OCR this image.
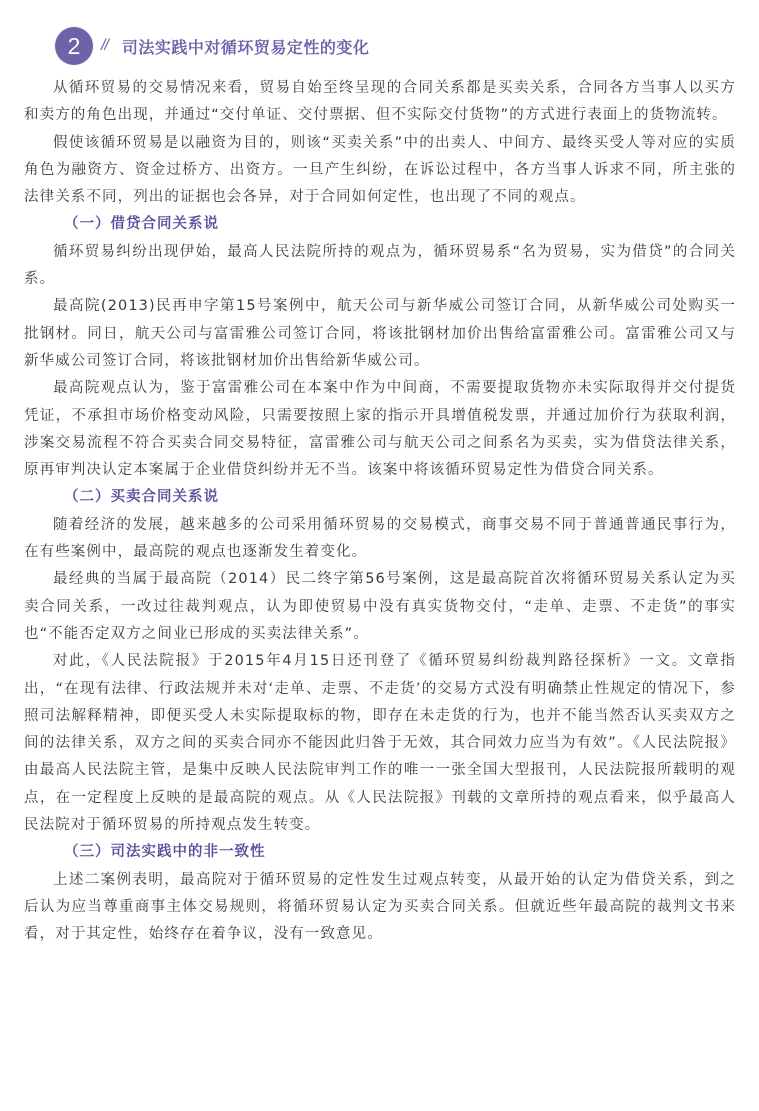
2	// 司法实践中对循环贸易定性的变化

从循环贸易的交易情况来看，贸易自始至终呈现的合同关系都是买卖关系，合同各方当事人以买方和卖方的角色出现，并通过“交付单证、交付票据、但不实际交付货物”的方式进行表面上的货物流转。

假使该循环贸易是以融资为目的，则该“买卖关系”中的出卖人、中间方、最终买受人等对应的实质角色为融资方、资金过桥方、出资方。一旦产生纠纷，在诉讼过程中，各方当事人诉求不同，所主张的法律关系不同，列出的证据也会各异，对于合同如何定性，也出现了不同的观点。

（一）借贷合同关系说

循环贸易纠纷出现伊始，最高人民法院所持的观点为，循环贸易系“名为贸易，实为借贷”的合同关系。

最高院(2013)民再申字第15号案例中，航天公司与新华威公司签订合同，从新华威公司处购买一批钢材。同日，航天公司与富雷雅公司签订合同，将该批钢材加价出售给富雷雅公司。富雷雅公司又与新华威公司签订合同，将该批钢材加价出售给新华威公司。

最高院观点认为，鉴于富雷雅公司在本案中作为中间商，不需要提取货物亦未实际取得并交付提货凭证，不承担市场价格变动风险，只需要按照上家的指示开具增值税发票，并通过加价行为获取利润，涉案交易流程不符合买卖合同交易特征，富雷雅公司与航天公司之间系名为买卖，实为借贷法律关系，原再审判决认定本案属于企业借贷纠纷并无不当。该案中将该循环贸易定性为借贷合同关系。

（二）买卖合同关系说

随着经济的发展，越来越多的公司采用循环贸易的交易模式，商事交易不同于普通普通民事行为，在有些案例中，最高院的观点也逐渐发生着变化。

最经典的当属于最高院（2014）民二终字第56号案例，这是最高院首次将循环贸易关系认定为买卖合同关系，一改过往裁判观点，认为即使贸易中没有真实货物交付，“走单、走票、不走货”的事实也“不能否定双方之间业已形成的买卖法律关系”。

对此，《人民法院报》于2015年4月15日还刊登了《循环贸易纠纷裁判路径探析》一文。文章指出，“在现有法律、行政法规并未对‘走单、走票、不走货’的交易方式没有明确禁止性规定的情况下，参照司法解释精神，即便买受人未实际提取标的物，即存在未走货的行为，也并不能当然否认买卖双方之间的法律关系，双方之间的买卖合同亦不能因此归咎于无效，其合同效力应当为有效”。《人民法院报》由最高人民法院主管，是集中反映人民法院审判工作的唯一一张全国大型报刊，人民法院报所载明的观点，在一定程度上反映的是最高院的观点。从《人民法院报》刊载的文章所持的观点看来，似乎最高人民法院对于循环贸易的所持观点发生转变。

（三）司法实践中的非一致性

上述二案例表明，最高院对于循环贸易的定性发生过观点转变，从最开始的认定为借贷关系，到之后认为应当尊重商事主体交易规则，将循环贸易认定为买卖合同关系。但就近些年最高院的裁判文书来看，对于其定性，始终存在着争议，没有一致意见。
